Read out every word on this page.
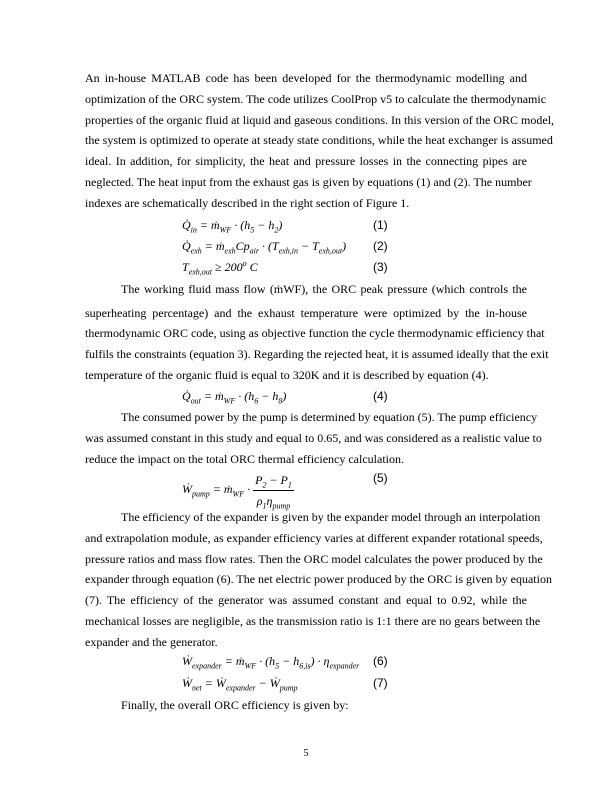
An in-house MATLAB code has been developed for the thermodynamic modelling and
optimization of the ORC system. The code utilizes CoolProp v5 to calculate the thermodynamic
properties of the organic fluid at liquid and gaseous conditions. In this version of the ORC model,
the system is optimized to operate at steady state conditions, while the heat exchanger is assumed
ideal. In addition, for simplicity, the heat and pressure losses in the connecting pipes are
neglected. The heat input from the exhaust gas is given by equations (1) and (2). The number
indexes are schematically described in the right section of Figure 1.
$Q̇_{in}$ = ṁ$_{WF}$ · $(h_5 - h_2)$	(1)
$Q̇_{exh}$ = $ṁ_{exh}Cp_{air} \cdot (T_{exh,in} - T_{exh,out})$ (2)
$T_{exh,out} \ge 200^o$ C	(3)
The working fluid mass flow (ṁWF), the ORC peak pressure (which controls the
superheating percentage) and the exhaust temperature were optimized by the in-house
thermodynamic ORC code, using as objective function the cycle thermodynamic efficiency that
fulfils the constraints (equation 3). Regarding the rejected heat, it is assumed ideally that the exit
temperature of the organic fluid is equal to 320K and it is described by equation (4).
$Q̇_{out}$ = ṁ$_{WF}$ · $(h_6 - h_8)$	(4)
The consumed power by the pump is determined by equation (5). The pump efficiency
was assumed constant in this study and equal to 0.65, and was considered as a realistic value to
reduce the impact on the total ORC thermal efficiency calculation.
Ẇ$_{pump}$ = ṁ$_{WF}$ · $\frac{P_2 - P_1}{\rho_1\eta_{pump}}$	(5)
The efficiency of the expander is given by the expander model through an interpolation
and extrapolation module, as expander efficiency varies at different expander rotational speeds,
pressure ratios and mass flow rates. Then the ORC model calculates the power produced by the
expander through equation (6). The net electric power produced by the ORC is given by equation
(7). The efficiency of the generator was assumed constant and equal to 0.92, while the
mechanical losses are negligible, as the transmission ratio is 1:1 there are no gears between the
expander and the generator.
Ẇ$_{expander}$ = ṁ$_{WF}$ · $(h_5 - h_{6,is}) \cdot \eta_{expander}$ (6)
Ẇ$_{net}$ = Ẇ$_{expander}$ − Ẇ$_{pump}$	(7)
Finally, the overall ORC efficiency is given by:
5
